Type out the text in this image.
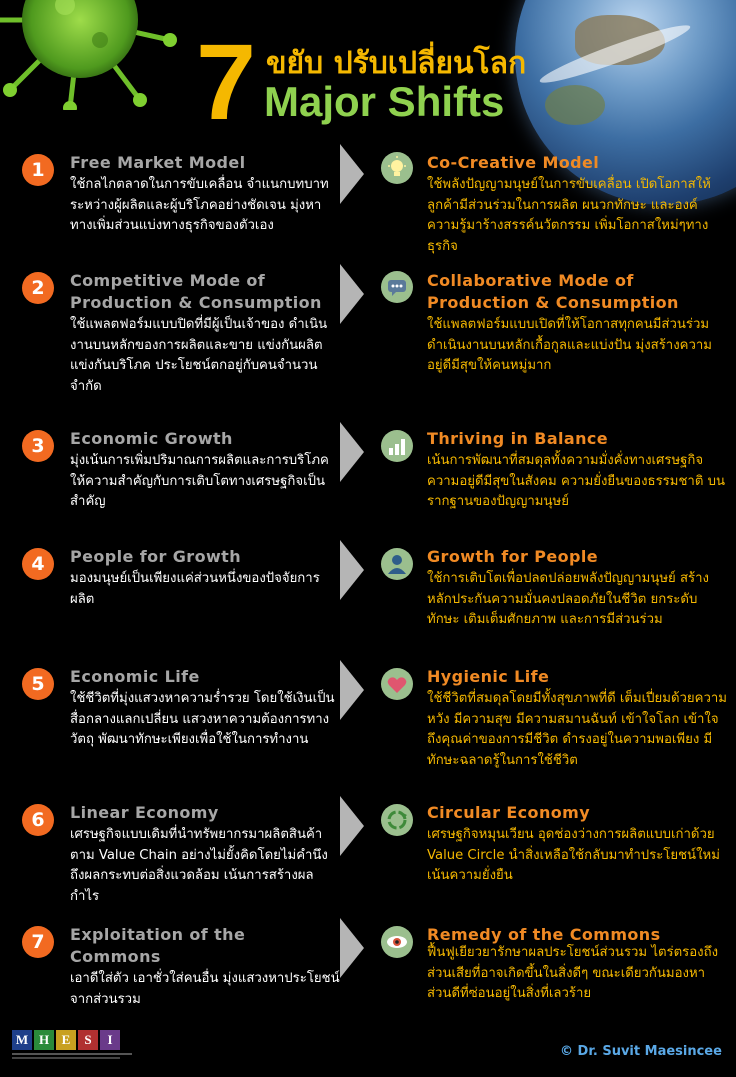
7 ขยับ ปรับเปลี่ยนโลก
Major Shifts
1	Free Market Model
ใช้กลไกตลาดในการขับเคลื่อน จำแนกบทบาทระหว่างผู้ผลิตและผู้บริโภคอย่างชัดเจน มุ่งหาทางเพิ่มส่วนแบ่งทางธุรกิจของตัวเอง
Co-Creative Model
ใช้พลังปัญญามนุษย์ในการขับเคลื่อน เปิดโอกาสให้ลูกค้ามีส่วนร่วมในการผลิต ผนวกทักษะ และองค์ความรู้มาร้างสรรค์นวัตกรรม เพิ่มโอกาสใหม่ๆทางธุรกิจ
2	Competitive Mode of Production & Consumption
ใช้แพลตฟอร์มแบบปิดที่มีผู้เป็นเจ้าของ ดำเนินงานบนหลักของการผลิตและขาย แข่งกันผลิตแข่งกันบริโภค ประโยชน์ตกอยู่กับคนจำนวนจำกัด
Collaborative Mode of Production & Consumption
ใช้แพลตฟอร์มแบบเปิดที่ให้โอกาสทุกคนมีส่วนร่วม ดำเนินงานบนหลักเกื้อกูลและแบ่งปัน มุ่งสร้างความอยู่ดีมีสุขให้คนหมู่มาก
3	Economic Growth
มุ่งเน้นการเพิ่มปริมาณการผลิตและการบริโภค ให้ความสำคัญกับการเติบโตทางเศรษฐกิจเป็นสำคัญ
Thriving in Balance
เน้นการพัฒนาที่สมดุลทั้งความมั่งคั่งทางเศรษฐกิจ ความอยู่ดีมีสุขในสังคม ความยั่งยืนของธรรมชาติ บนรากฐานของปัญญามนุษย์
4	People for Growth
มองมนุษย์เป็นเพียงแค่ส่วนหนึ่งของปัจจัยการผลิต
Growth for People
ใช้การเติบโตเพื่อปลดปล่อยพลังปัญญามนุษย์ สร้างหลักประกันความมั่นคงปลอดภัยในชีวิต ยกระดับทักษะ เติมเต็มศักยภาพ และการมีส่วนร่วม
5	Economic Life
ใช้ชีวิตที่มุ่งแสวงหาความร่ำรวย โดยใช้เงินเป็นสื่อกลางแลกเปลี่ยน แสวงหาความต้องการทางวัตถุ พัฒนาทักษะเพียงเพื่อใช้ในการทำงาน
Hygienic Life
ใช้ชีวิตที่สมดุลโดยมีทั้งสุขภาพที่ดี เต็มเปี่ยมด้วยความหวัง มีความสุข มีความสมานฉันท์ เข้าใจโลก เข้าใจถึงคุณค่าของการมีชีวิต ดำรงอยู่ในความพอเพียง มีทักษะฉลาดรู้ในการใช้ชีวิต
6	Linear Economy
เศรษฐกิจแบบเดิมที่นำทรัพยากรมาผลิตสินค้าตาม Value Chain อย่างไม่ยั้งคิดโดยไม่คำนึงถึงผลกระทบต่อสิ่งแวดล้อม เน้นการสร้างผลกำไร
Circular Economy
เศรษฐกิจหมุนเวียน อุดช่องว่างการผลิตแบบเก่าด้วย Value Circle นำสิ่งเหลือใช้กลับมาทำประโยชน์ใหม่ เน้นความยั่งยืน
7	Exploitation of the Commons
เอาดีใส่ตัว เอาชั่วใส่คนอื่น มุ่งแสวงหาประโยชน์จากส่วนรวม
Remedy of the Commons
ฟื้นฟูเยียวยารักษาผลประโยชน์ส่วนรวม ไตร่ตรองถึงส่วนเสียที่อาจเกิดขึ้นในสิ่งดีๆ ขณะเดียวกันมองหาส่วนดีที่ซ่อนอยู่ในสิ่งที่เลวร้าย
M H E	S	I
© Dr. Suvit Maesincee
